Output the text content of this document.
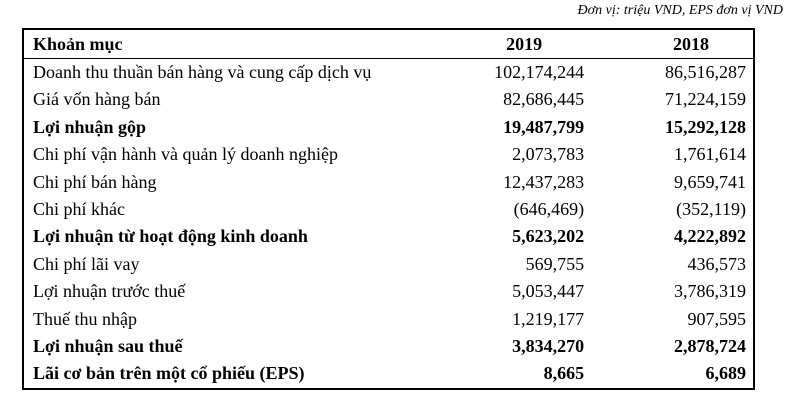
Đơn vị: triệu VND, EPS đơn vị VND
Khoản mục	2019	2018
Doanh thu thuần bán hàng và cung cấp dịch vụ	102,174,244	86,516,287
Giá vốn hàng bán	82,686,445	71,224,159
Lợi nhuận gộp	19,487,799	15,292,128
Chi phí vận hành và quản lý doanh nghiệp	2,073,783	1,761,614
Chi phí bán hàng	12,437,283	9,659,741
Chi phí khác	(646,469)	(352,119)
Lợi nhuận từ hoạt động kinh doanh	5,623,202	4,222,892
Chi phí lãi vay	569,755	436,573
Lợi nhuận trước thuế	5,053,447	3,786,319
Thuế thu nhập	1,219,177	907,595
Lợi nhuận sau thuế	3,834,270	2,878,724
Lãi cơ bản trên một cổ phiếu (EPS)	8,665	6,689
